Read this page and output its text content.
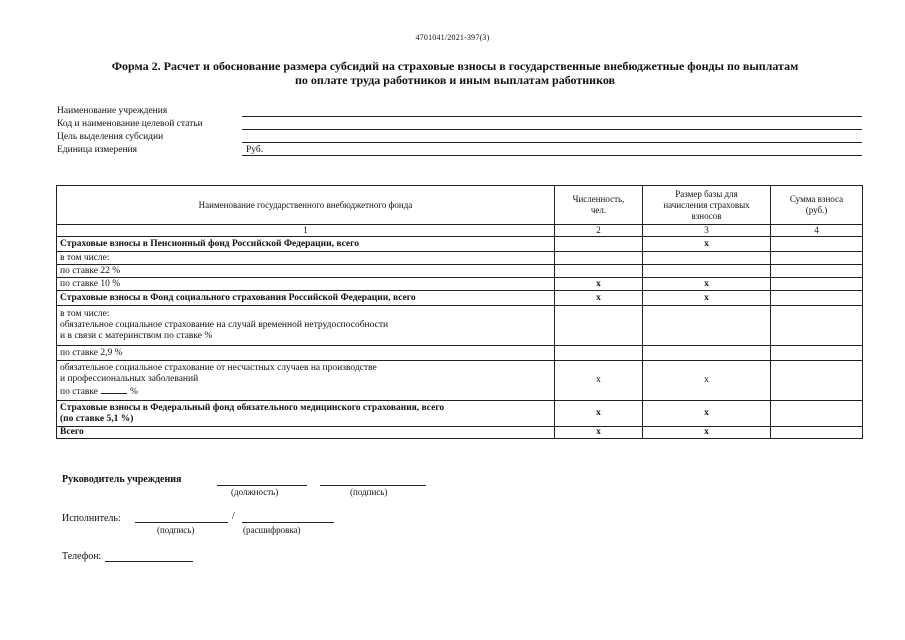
4701041/2021-397(3)
Форма 2. Расчет и обоснование размера субсидий на страховые взносы в государственные внебюджетные фонды по выплатам
по оплате труда работников и иным выплатам работников
Наименование учреждения
Код и наименование целевой статьи
Цель выделения субсидии
Единица измерения	Руб.
Наименование государственного внебюджетного фонда	Численность, чел.	Размер базы для начисления страховых взносов	Сумма взноса (руб.)
1	2	3	4
Страховые взносы в Пенсионный фонд Российской Федерации, всего		x	
в том числе:			
по ставке 22 %			
по ставке 10 %	x	x	
Страховые взносы в Фонд социального страхования Российской Федерации, всего	x	x	

в том числе:
обязательное социальное страхование на случай временной нетрудоспособности
и в связи с материнством по ставке %			

по ставке 2,9 %			

обязательное социальное страхование от несчастных случаев на производстве
и профессиональных заболеваний
по ставке %	x	x	

Страховые взносы в Федеральный фонд обязательного медицинского страхования, всего
(по ставке 5,1 %)	x	x	
Всего	x	x	
Руководитель учреждения
(должность)	(подпись)
Исполнитель:	/
(подпись)	(расшифровка)
Телефон:
